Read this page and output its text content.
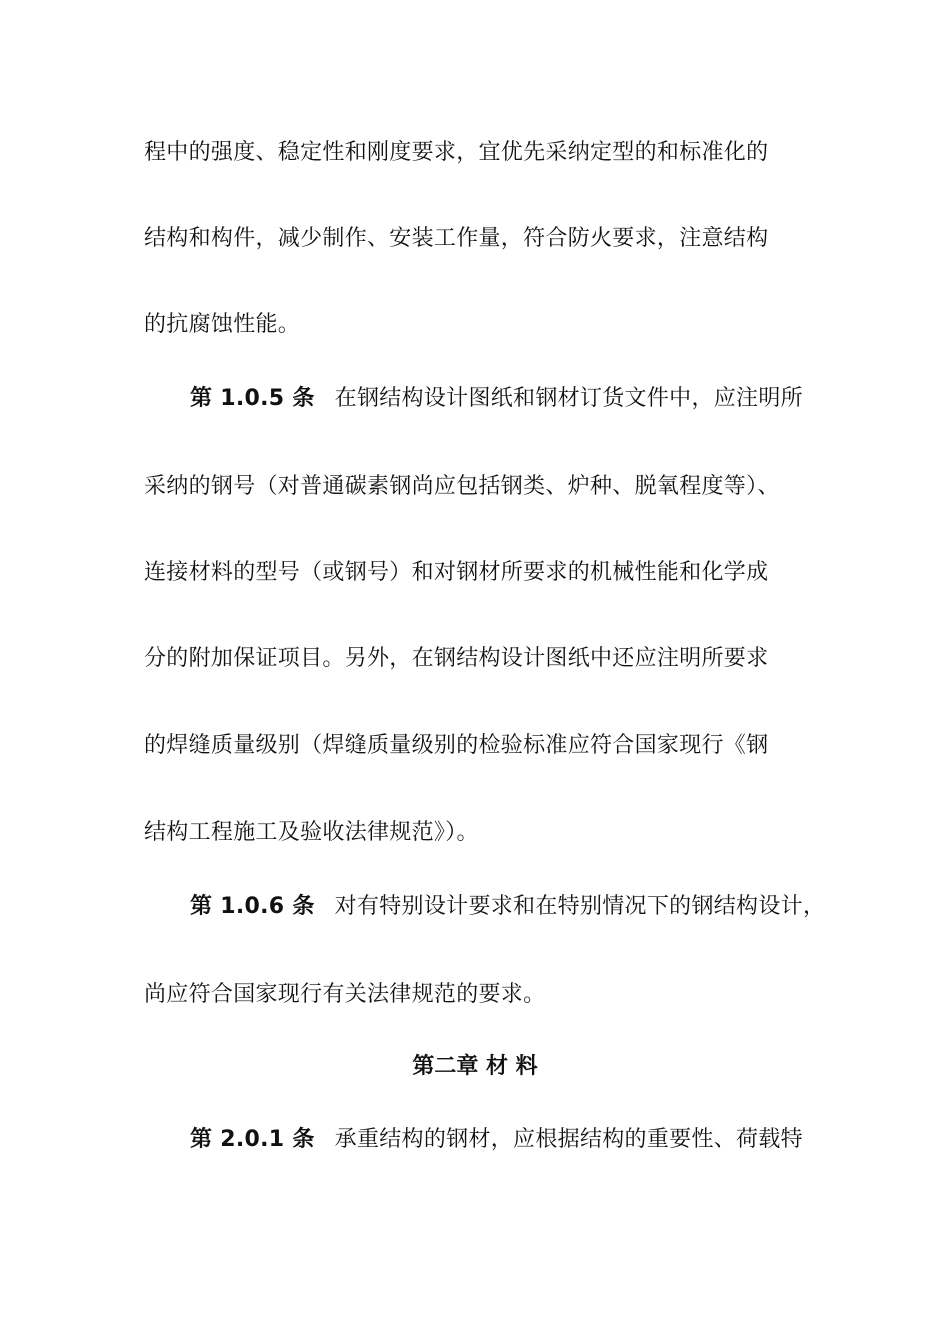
程中的强度、稳定性和刚度要求，宜优先采纳定型的和标准化的
结构和构件，减少制作、安装工作量，符合防火要求，注意结构
的抗腐蚀性能。
第 1.0.5 条 在钢结构设计图纸和钢材订货文件中，应注明所
采纳的钢号（对普通碳素钢尚应包括钢类、炉种、脱氧程度等）、
连接材料的型号（或钢号）和对钢材所要求的机械性能和化学成
分的附加保证项目。另外，在钢结构设计图纸中还应注明所要求
的焊缝质量级别（焊缝质量级别的检验标准应符合国家现行《钢
结构工程施工及验收法律规范》）。
第 1.0.6 条 对有特别设计要求和在特别情况下的钢结构设计，
尚应符合国家现行有关法律规范的要求。
第二章 材 料
第 2.0.1 条 承重结构的钢材，应根据结构的重要性、荷载特
